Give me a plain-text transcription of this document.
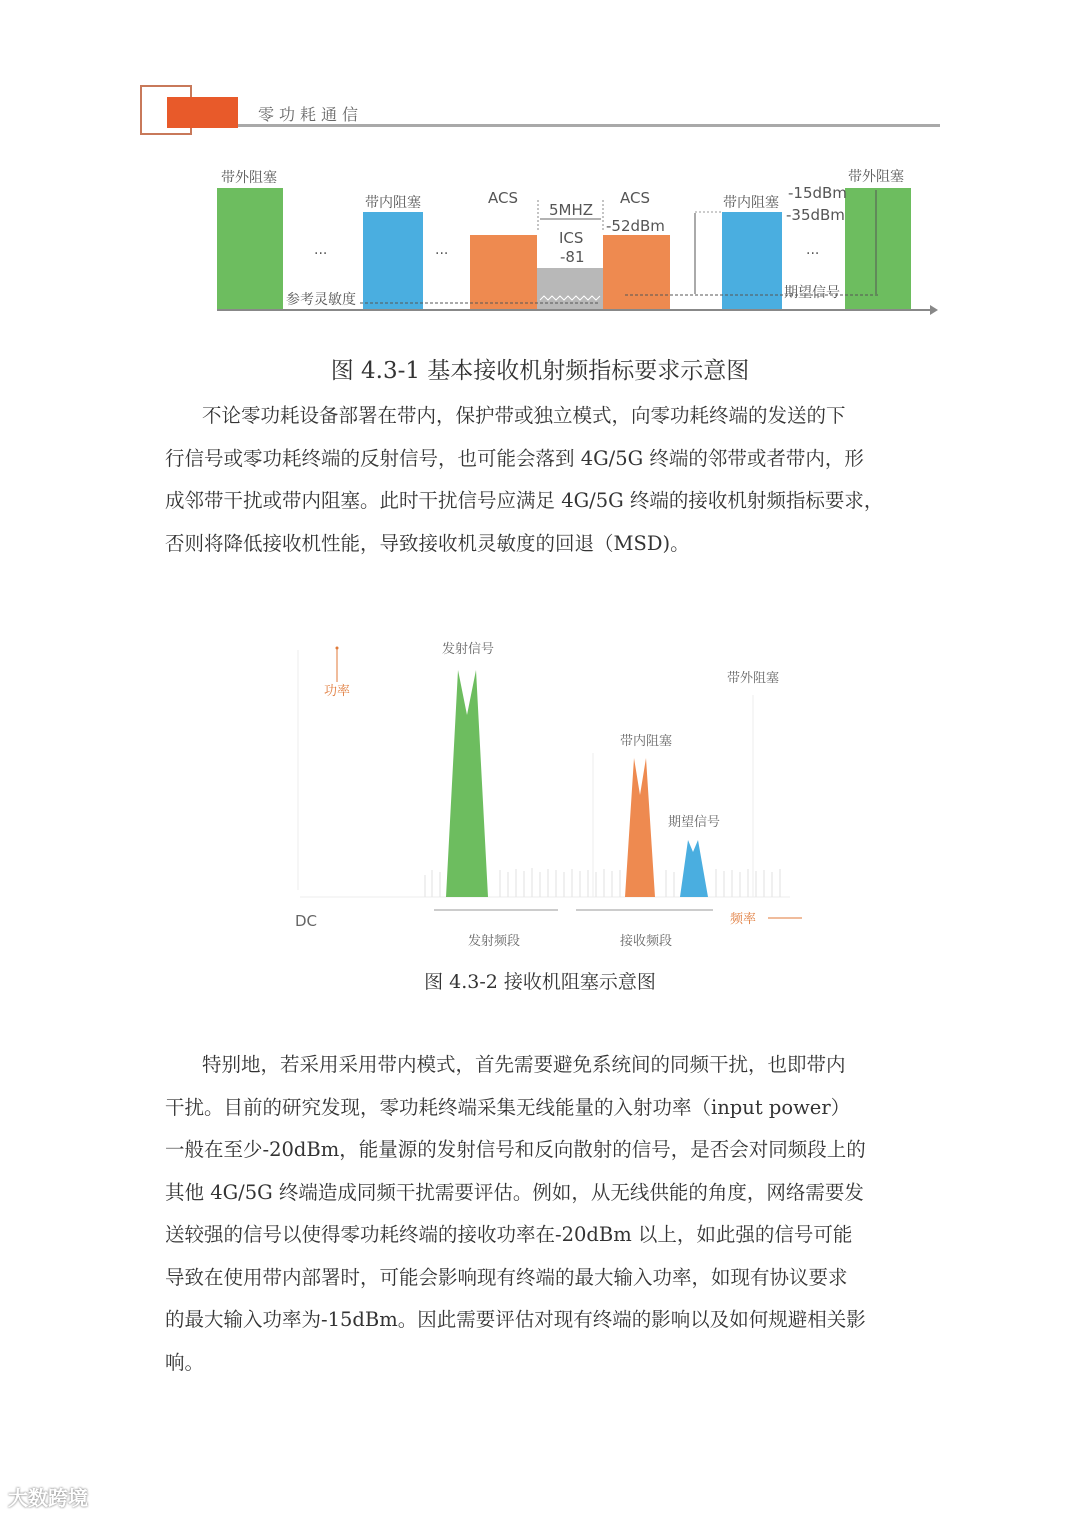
零功耗通信
带外阻塞
带内阻塞	ACS
5MHZ
ICS
-81
ACS
-52dBm
带内阻塞
-15dBm
-35dBm
带外阻塞
参考灵敏度	期望信号
···	···	···
图 4.3-1 基本接收机射频指标要求示意图
不论零功耗设备部署在带内，保护带或独立模式，向零功耗终端的发送的下
行信号或零功耗终端的反射信号，也可能会落到 4G/5G 终端的邻带或者带内，形
成邻带干扰或带内阻塞。此时干扰信号应满足 4G/5G 终端的接收机射频指标要求，
否则将降低接收机性能，导致接收机灵敏度的回退（MSD)。
发射信号
功率
带外阻塞
带内阻塞
期望信号
DC
发射频段	接收频段
频率
图 4.3-2 接收机阻塞示意图
特别地，若采用采用带内模式，首先需要避免系统间的同频干扰，也即带内
干扰。目前的研究发现，零功耗终端采集无线能量的入射功率（input power）
一般在至少-20dBm，能量源的发射信号和反向散射的信号，是否会对同频段上的
其他 4G/5G 终端造成同频干扰需要评估。例如，从无线供能的角度，网络需要发
送较强的信号以使得零功耗终端的接收功率在-20dBm 以上，如此强的信号可能
导致在使用带内部署时，可能会影响现有终端的最大输入功率，如现有协议要求
的最大输入功率为-15dBm。因此需要评估对现有终端的影响以及如何规避相关影
响。
大数跨境
